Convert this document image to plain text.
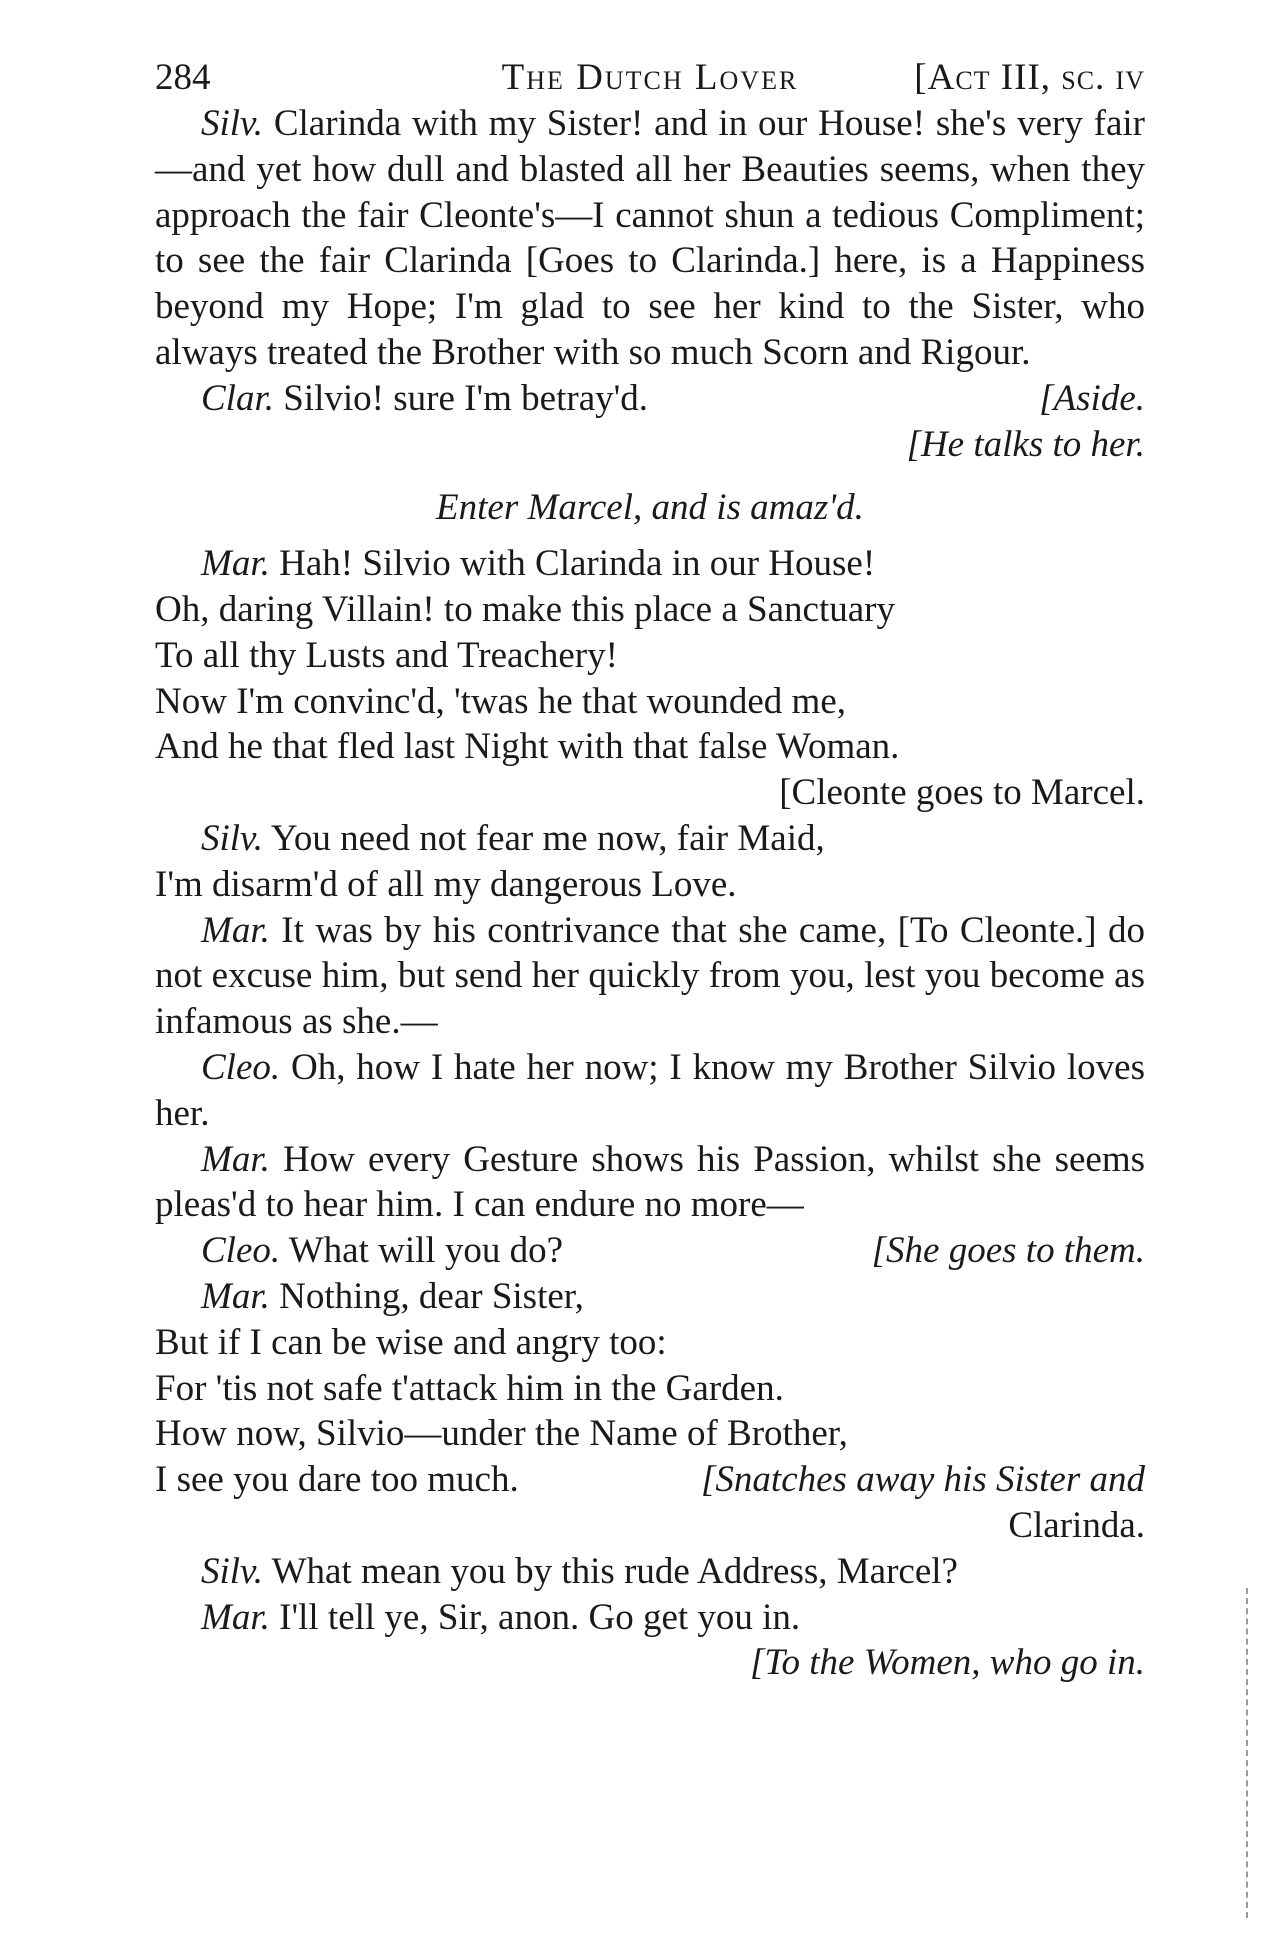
284	The Dutch Lover	[Act III, sc. iv

Silv. Clarinda with my Sister! and in our House! she's very fair—and yet how dull and blasted all her Beauties seems, when they approach the fair Cleonte's—I cannot shun a tedious Compliment; to see the fair Clarinda [Goes to Clarinda.] here, is a Happiness beyond my Hope; I'm glad to see her kind to the Sister, who always treated the Brother with so much Scorn and Rigour.

Clar. Silvio! sure I'm betray'd.	[Aside.

[He talks to her.

Enter Marcel, and is amaz'd.

Mar. Hah! Silvio with Clarinda in our House!

Oh, daring Villain! to make this place a Sanctuary

To all thy Lusts and Treachery!

Now I'm convinc'd, 'twas he that wounded me,

And he that fled last Night with that false Woman.

[Cleonte goes to Marcel.

Silv. You need not fear me now, fair Maid,

I'm disarm'd of all my dangerous Love.

Mar. It was by his contrivance that she came, [To Cleonte.] do not excuse him, but send her quickly from you, lest you become as infamous as she.—

Cleo. Oh, how I hate her now; I know my Brother Silvio loves her.

Mar. How every Gesture shows his Passion, whilst she seems pleas'd to hear him. I can endure no more—

Cleo. What will you do?	[She goes to them.

Mar. Nothing, dear Sister,

But if I can be wise and angry too:

For 'tis not safe t'attack him in the Garden.

How now, Silvio—under the Name of Brother,

I see you dare too much.	[Snatches away his Sister and

Clarinda.

Silv. What mean you by this rude Address, Marcel?

Mar. I'll tell ye, Sir, anon. Go get you in.

[To the Women, who go in.
